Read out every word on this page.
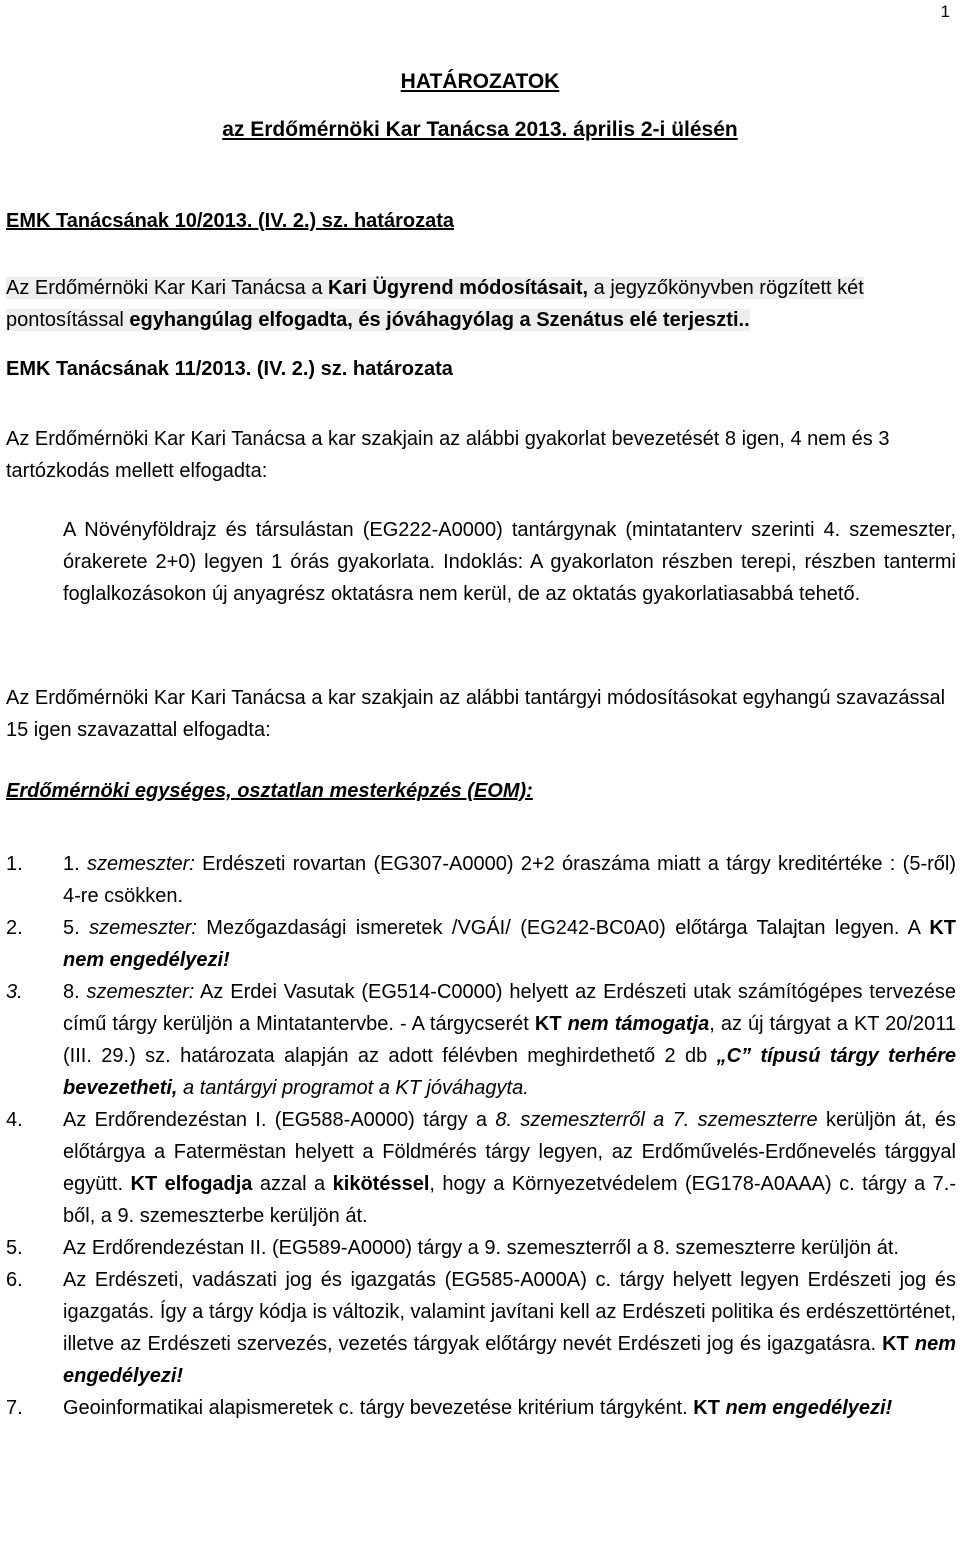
1
HATÁROZATOK
az Erdőmérnöki Kar Tanácsa 2013. április 2-i ülésén
EMK Tanácsának 10/2013. (IV. 2.) sz. határozata
Az Erdőmérnöki Kar Kari Tanácsa a Kari Ügyrend módosításait, a jegyzőkönyvben rögzített két pontosítással egyhangúlag elfogadta, és jóváhagyólag a Szenátus elé terjeszti..
EMK Tanácsának 11/2013. (IV. 2.) sz. határozata
Az Erdőmérnöki Kar Kari Tanácsa a kar szakjain az alábbi gyakorlat bevezetését 8 igen, 4 nem és 3 tartózkodás mellett elfogadta:
A Növényföldrajz és társulástan (EG222-A0000) tantárgynak (mintatanterv szerinti 4. szemeszter, órakerete 2+0) legyen 1 órás gyakorlata. Indoklás: A gyakorlaton részben terepi, részben tantermi foglalkozásokon új anyagrész oktatásra nem kerül, de az oktatás gyakorlatiasabbá tehető.
Az Erdőmérnöki Kar Kari Tanácsa a kar szakjain az alábbi tantárgyi módosításokat egyhangú szavazással 15 igen szavazattal elfogadta:
Erdőmérnöki egységes, osztatlan mesterképzés (EOM):
1. 1. szemeszter: Erdészeti rovartan (EG307-A0000) 2+2 óraszáma miatt a tárgy kreditértéke : (5-ről) 4-re csökken.
2. 5. szemeszter: Mezőgazdasági ismeretek /VGÁI/ (EG242-BC0A0) előtárga Talajtan legyen. A KT nem engedélyezi!
3. 8. szemeszter: Az Erdei Vasutak (EG514-C0000) helyett az Erdészeti utak számítógépes tervezése című tárgy kerüljön a Mintatantervbe. - A tárgycserét KT nem támogatja, az új tárgyat a KT 20/2011 (III. 29.) sz. határozata alapján az adott félévben meghirdethető 2 db „C” típusú tárgy terhére bevezetheti, a tantárgyi programot a KT jóváhagyta.
4. Az Erdőrendezéstan I. (EG588-A0000) tárgy a 8. szemeszterről a 7. szemeszterre kerüljön át, és előtárgya a Fatermёstan helyett a Földmérés tárgy legyen, az Erdőművelés-Erdőnevelés tárggyal együtt. KT elfogadja azzal a kikötéssel, hogy a Környezetvédelem (EG178-A0AAA) c. tárgy a 7.-ből, a 9. szemeszterbe kerüljön át.
5. Az Erdőrendezéstan II. (EG589-A0000) tárgy a 9. szemeszterről a 8. szemeszterre kerüljön át.
6. Az Erdészeti, vadászati jog és igazgatás (EG585-A000A) c. tárgy helyett legyen Erdészeti jog és igazgatás. Így a tárgy kódja is változik, valamint javítani kell az Erdészeti politika és erdészettörténet, illetve az Erdészeti szervezés, vezetés tárgyak előtárgy nevét Erdészeti jog és igazgatásra. KT nem engedélyezi!
7. Geoinformatikai alapismeretek c. tárgy bevezetése kritérium tárgyként. KT nem engedélyezi!
